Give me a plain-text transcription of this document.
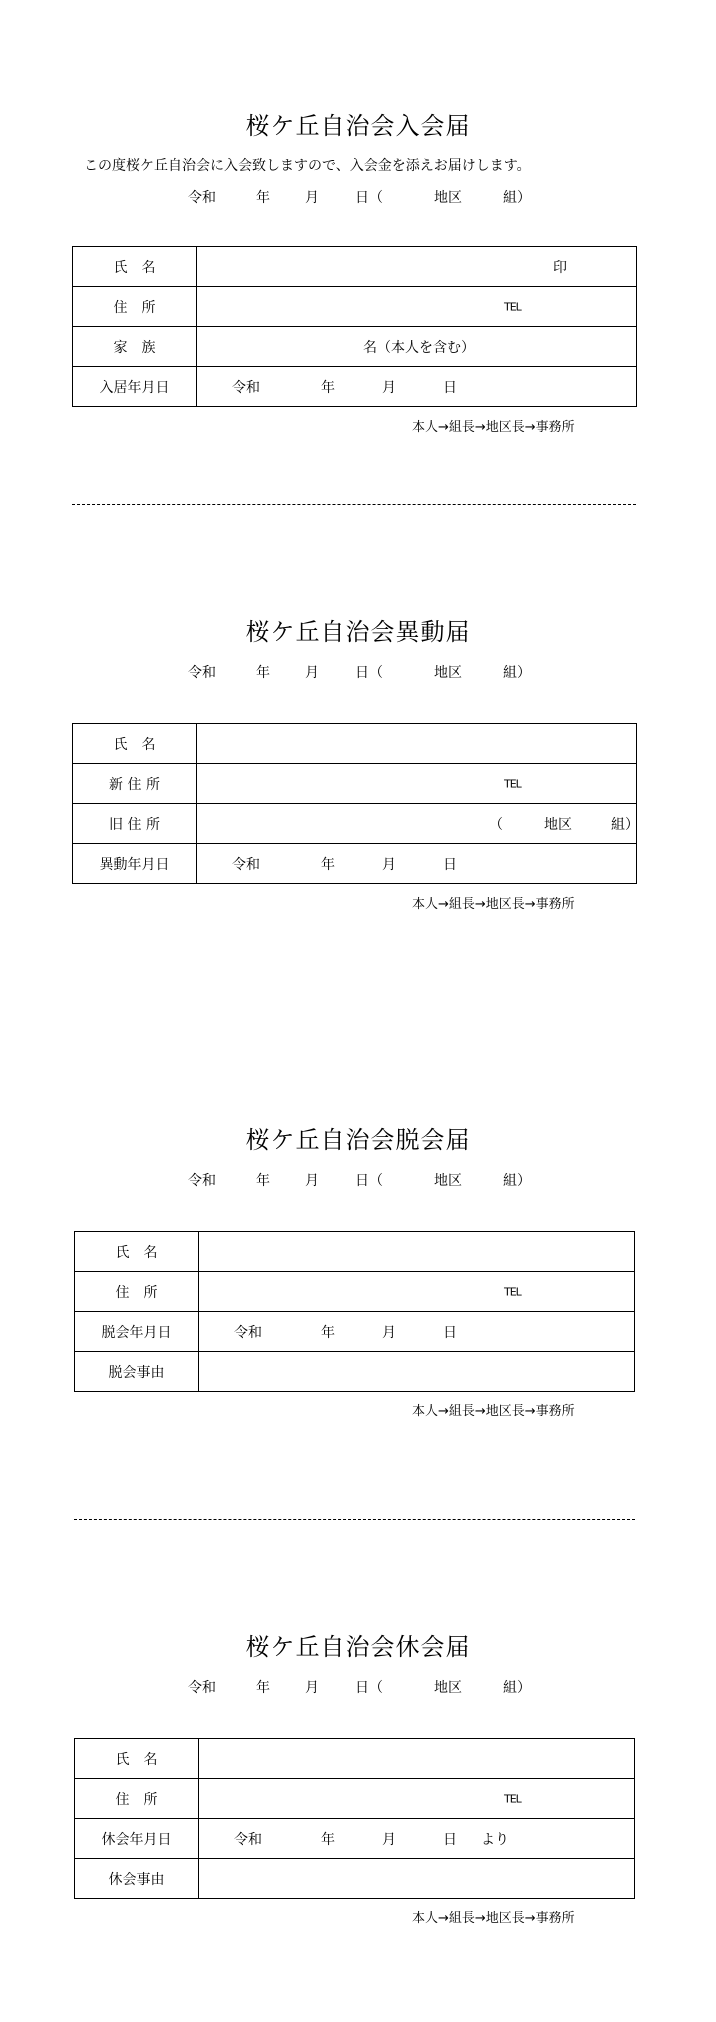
桜ケ丘自治会入会届
この度桜ケ丘自治会に入会致しますので、入会金を添えお届けします。
令和	年	月	日（	地区	組）
氏　名	印

住　所	TEL

家　族	名（本人を含む）

入居年月日	令和 年 月 日
本人→組長→地区長→事務所
桜ケ丘自治会異動届
令和	年	月	日（	地区	組）
氏　名	
新 住 所	TEL

旧 住 所	（ 地区 組）

異動年月日	令和 年 月 日
本人→組長→地区長→事務所
桜ケ丘自治会脱会届
令和	年	月	日（	地区	組）
氏　名	
住　所	TEL

脱会年月日	令和 年 月 日

脱会事由	
本人→組長→地区長→事務所
桜ケ丘自治会休会届
令和	年	月	日（	地区	組）
氏　名	
住　所	TEL

休会年月日	令和 年 月 日 より

休会事由	
本人→組長→地区長→事務所
